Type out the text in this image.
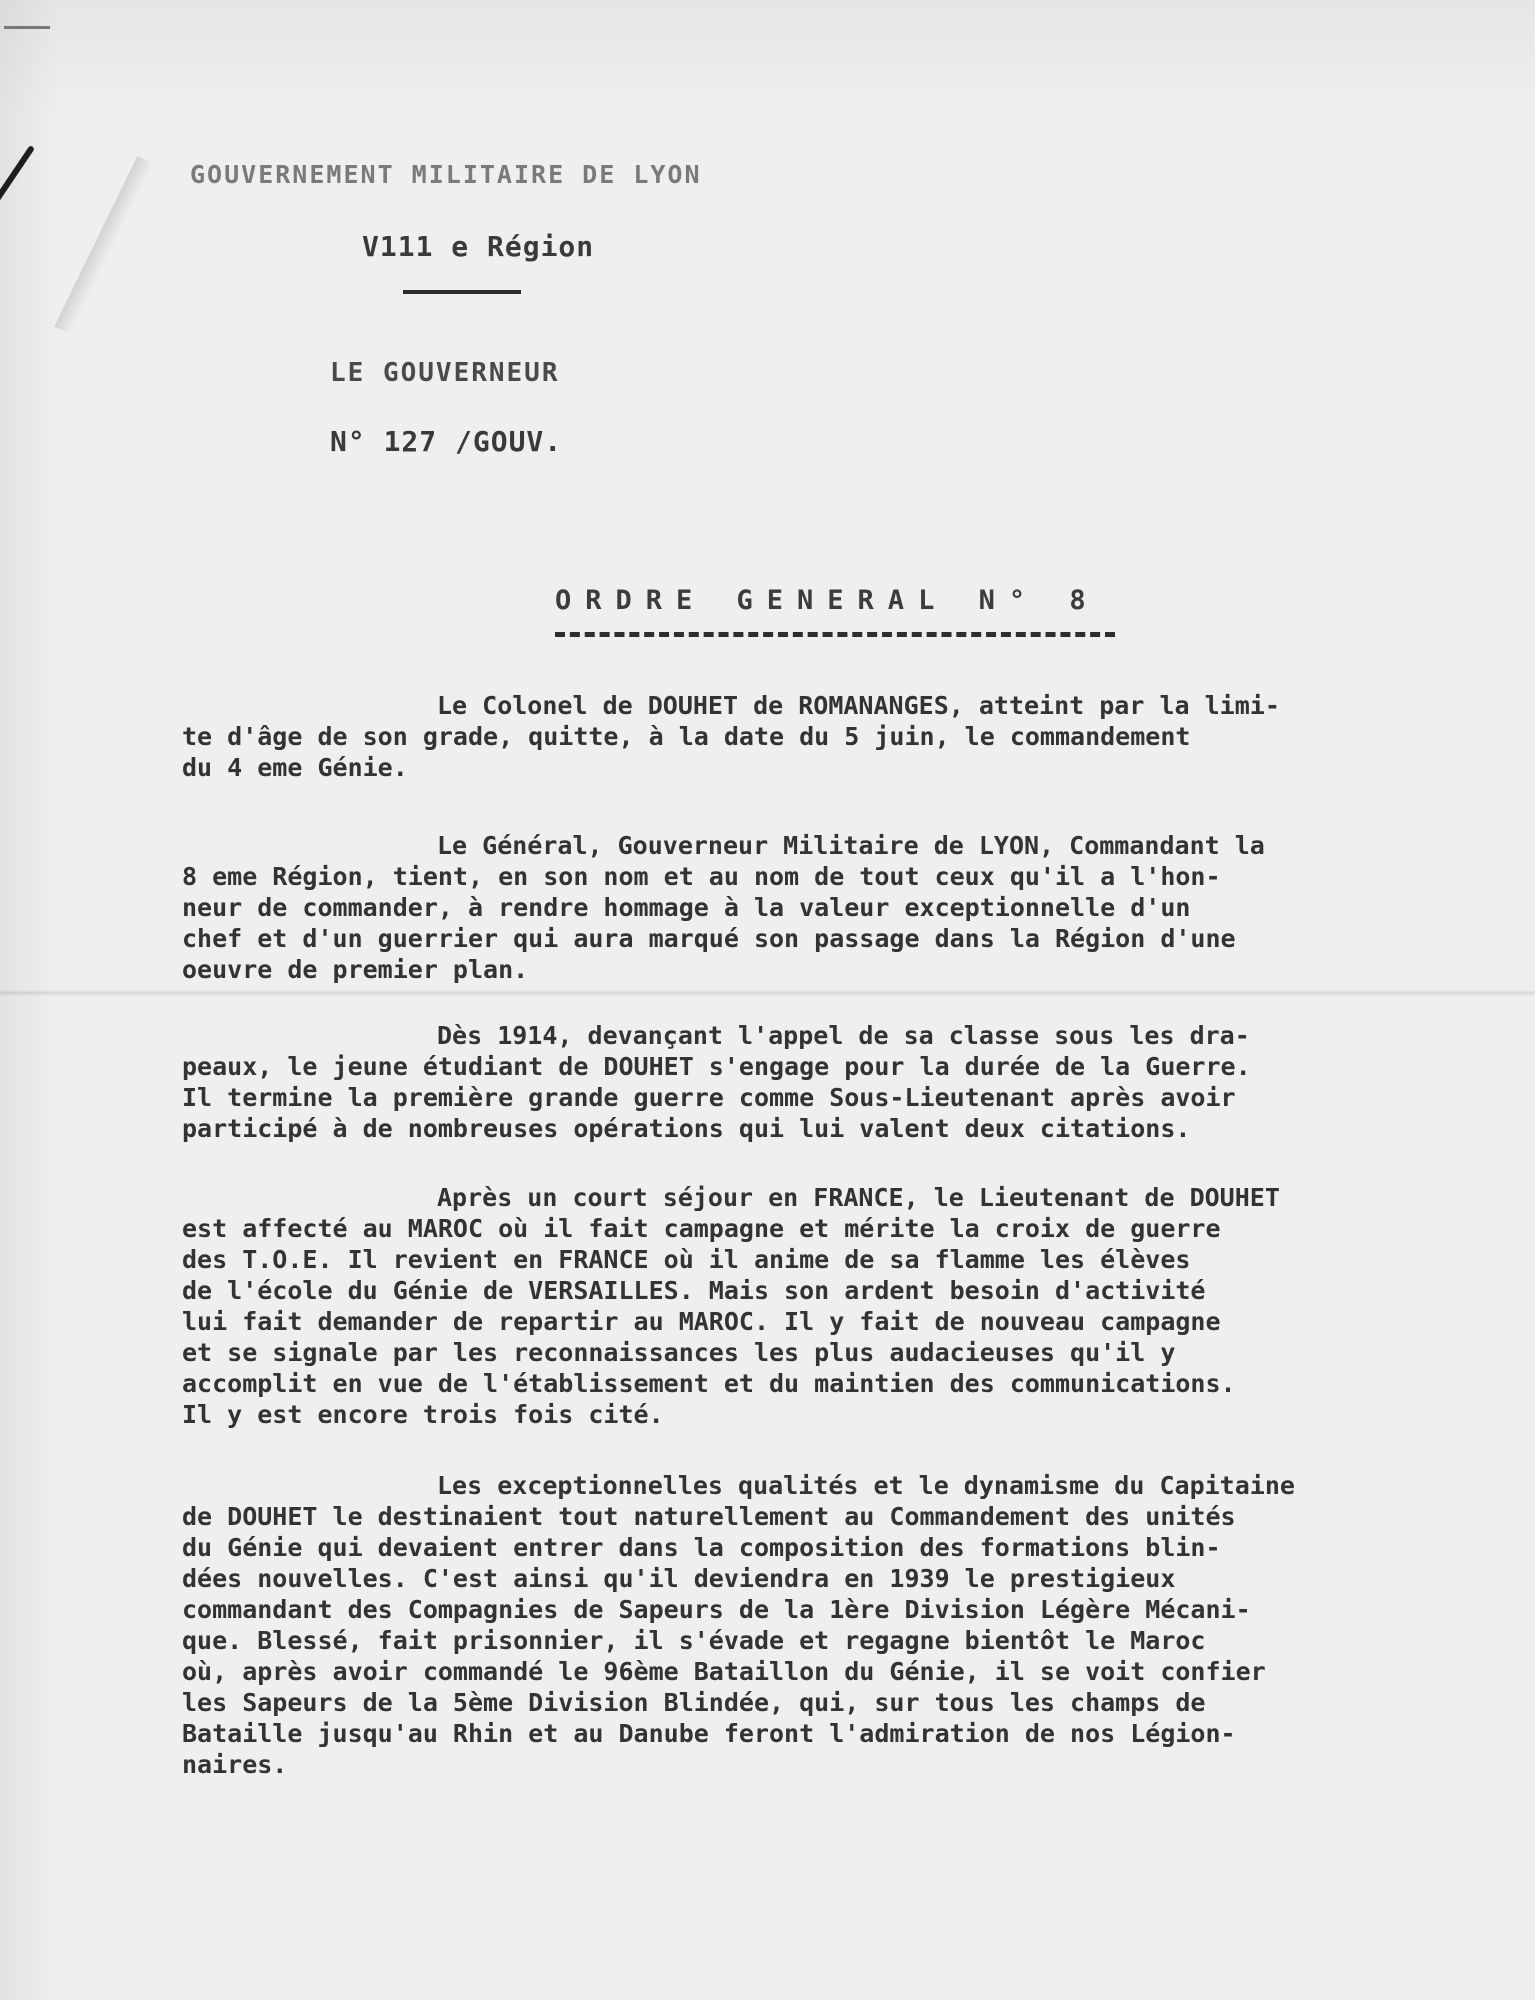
GOUVERNEMENT MILITAIRE DE LYON
V111 e Région
LE GOUVERNEUR
N° 127 /GOUV.
ORDRE GENERAL N° 8
Le Colonel de DOUHET de ROMANANGES, atteint par la limi-
te d'âge de son grade, quitte, à la date du 5 juin, le commandement
du 4 eme Génie.
Le Général, Gouverneur Militaire de LYON, Commandant la
8 eme Région, tient, en son nom et au nom de tout ceux qu'il a l'hon-
neur de commander, à rendre hommage à la valeur exceptionnelle d'un
chef et d'un guerrier qui aura marqué son passage dans la Région d'une
oeuvre de premier plan.
Dès 1914, devançant l'appel de sa classe sous les dra-
peaux, le jeune étudiant de DOUHET s'engage pour la durée de la Guerre.
Il termine la première grande guerre comme Sous-Lieutenant après avoir
participé à de nombreuses opérations qui lui valent deux citations.
Après un court séjour en FRANCE, le Lieutenant de DOUHET
est affecté au MAROC où il fait campagne et mérite la croix de guerre
des T.O.E. Il revient en FRANCE où il anime de sa flamme les élèves
de l'école du Génie de VERSAILLES. Mais son ardent besoin d'activité
lui fait demander de repartir au MAROC. Il y fait de nouveau campagne
et se signale par les reconnaissances les plus audacieuses qu'il y
accomplit en vue de l'établissement et du maintien des communications.
Il y est encore trois fois cité.
Les exceptionnelles qualités et le dynamisme du Capitaine
de DOUHET le destinaient tout naturellement au Commandement des unités
du Génie qui devaient entrer dans la composition des formations blin-
dées nouvelles. C'est ainsi qu'il deviendra en 1939 le prestigieux
commandant des Compagnies de Sapeurs de la 1ère Division Légère Mécani-
que. Blessé, fait prisonnier, il s'évade et regagne bientôt le Maroc
où, après avoir commandé le 96ème Bataillon du Génie, il se voit confier
les Sapeurs de la 5ème Division Blindée, qui, sur tous les champs de
Bataille jusqu'au Rhin et au Danube feront l'admiration de nos Légion-
naires.
